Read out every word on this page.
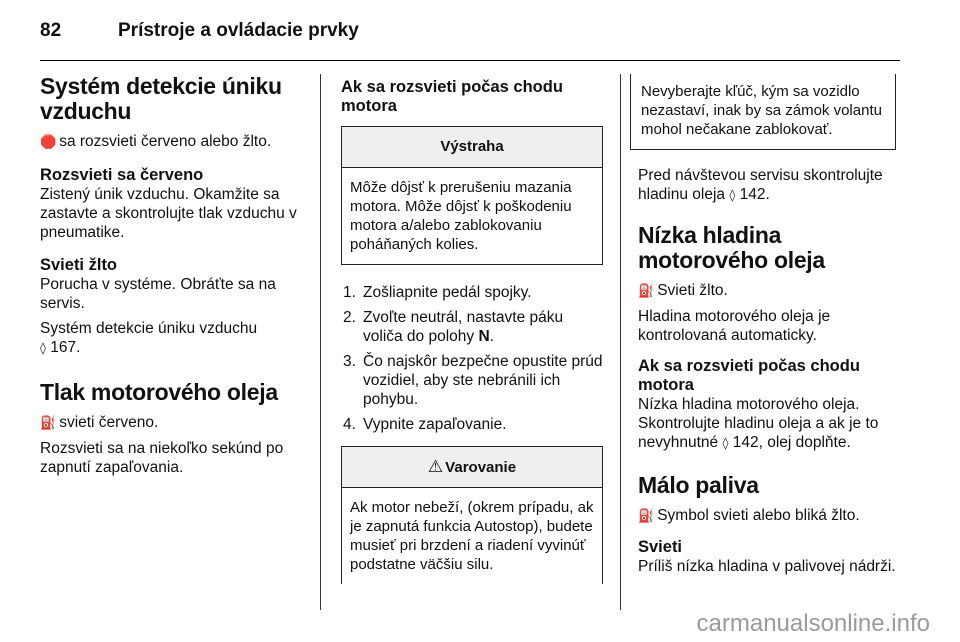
82	Prístroje a ovládacie prvky
Systém detekcie úniku vzduchu

🛑 sa rozsvieti červeno alebo žlto.

Rozsvieti sa červeno

Zistený únik vzduchu. Okamžite sa zastavte a skontrolujte tlak vzduchu v pneumatike.

Svieti žlto

Porucha v systéme. Obráťte sa na servis.

Systém detekcie úniku vzduchu
◊ 167.

Tlak motorového oleja

⛽ svieti červeno.

Rozsvieti sa na niekoľko sekúnd po zapnutí zapaľovania.

Ak sa rozsvieti počas chodu motora
Výstraha
Môže dôjsť k prerušeniu mazania motora. Môže dôjsť k poškodeniu motora a/alebo zablokovaniu poháňaných kolies.
1. Zošliapnite pedál spojky.
2. Zvoľte neutrál, nastavte páku voliča do polohy N.
3. Čo najskôr bezpečne opustite prúd vozidiel, aby ste nebránili ich pohybu.
4. Vypnite zapaľovanie.
⚠ Varovanie
Ak motor nebeží, (okrem prípadu, ak je zapnutá funkcia Autostop), budete musieť pri brzdení a riadení vyvinúť podstatne väčšiu silu.
Nevyberajte kľúč, kým sa vozidlo nezastaví, inak by sa zámok volantu mohol nečakane zablokovať.

Pred návštevou servisu skontrolujte hladinu oleja ◊ 142.

Nízka hladina motorového oleja

⛽ Svieti žlto.

Hladina motorového oleja je kontrolovaná automaticky.

Ak sa rozsvieti počas chodu motora

Nízka hladina motorového oleja. Skontrolujte hladinu oleja a ak je to nevyhnutné ◊ 142, olej doplňte.

Málo paliva

⛽ Symbol svieti alebo bliká žlto.

Svieti

Príliš nízka hladina v palivovej nádrži.

carmanualsonline.info
